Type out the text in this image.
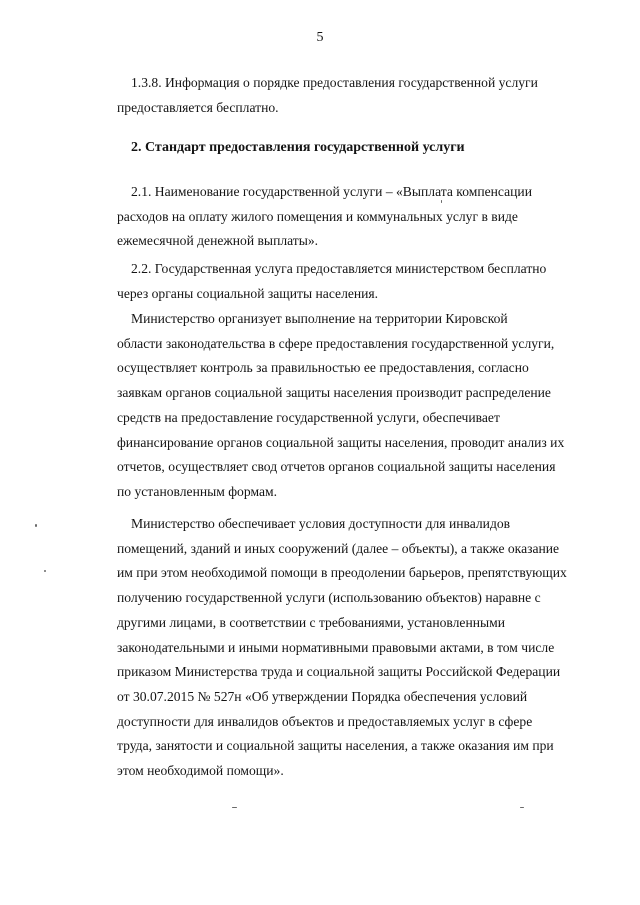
5
1.3.8. Информация о порядке предоставления государственной услуги
предоставляется бесплатно.
2. Стандарт предоставления государственной услуги
2.1. Наименование государственной услуги – «Выплата компенсации
расходов на оплату жилого помещения и коммунальных услуг в виде
ежемесячной денежной выплаты».
2.2. Государственная услуга предоставляется министерством бесплатно
через органы социальной защиты населения.
Министерство организует выполнение на территории Кировской
области законодательства в сфере предоставления государственной услуги,
осуществляет контроль за правильностью ее предоставления, согласно
заявкам органов социальной защиты населения производит распределение
средств на предоставление государственной услуги, обеспечивает
финансирование органов социальной защиты населения, проводит анализ их
отчетов, осуществляет свод отчетов органов социальной защиты населения
по установленным формам.
Министерство обеспечивает условия доступности для инвалидов
помещений, зданий и иных сооружений (далее – объекты), а также оказание
им при этом необходимой помощи в преодолении барьеров, препятствующих
получению государственной услуги (использованию объектов) наравне с
другими лицами, в соответствии с требованиями, установленными
законодательными и иными нормативными правовыми актами, в том числе
приказом Министерства труда и социальной защиты Российской Федерации
от 30.07.2015 № 527н «Об утверждении Порядка обеспечения условий
доступности для инвалидов объектов и предоставляемых услуг в сфере
труда, занятости и социальной защиты населения, а также оказания им при
этом необходимой помощи».
